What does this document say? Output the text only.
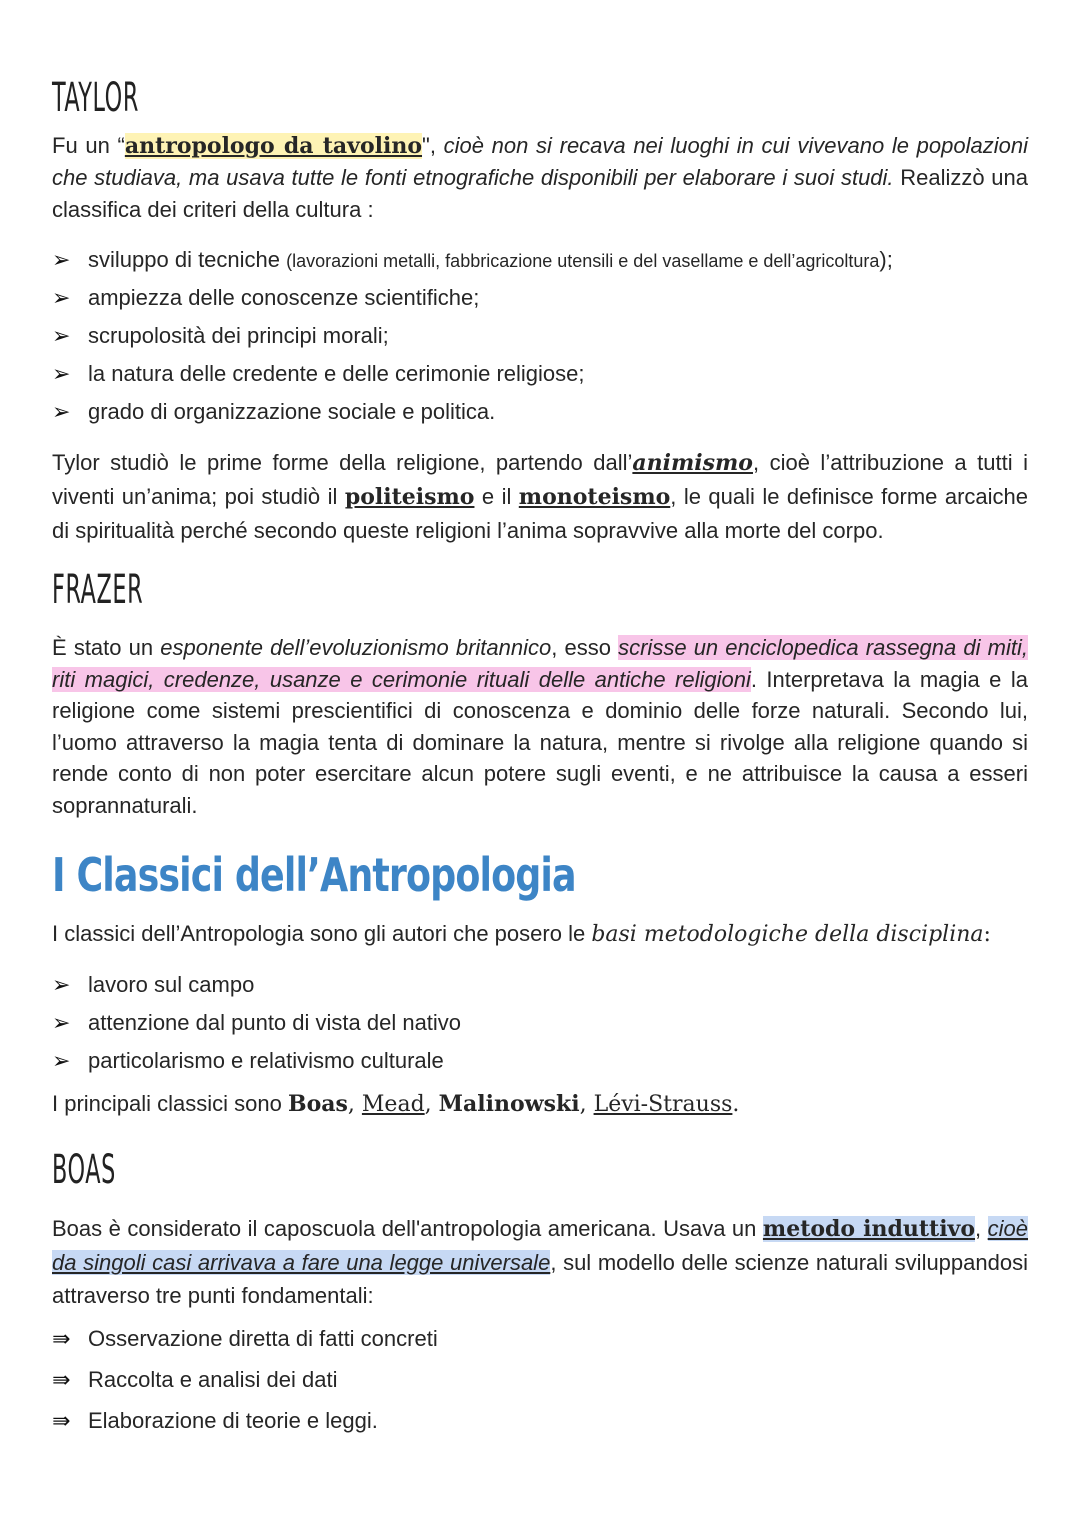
TAYLOR

Fu un “antropologo da tavolino", cioè non si recava nei luoghi in cui vivevano le popolazioni che studiava, ma usava tutte le fonti etnografiche disponibili per elaborare i suoi studi. Realizzò una classifica dei criteri della cultura :

➢ sviluppo di tecniche (lavorazioni metalli, fabbricazione utensili e del vasellame e dell’agricoltura);
➢ ampiezza delle conoscenze scientifiche;
➢ scrupolosità dei principi morali;
➢ la natura delle credente e delle cerimonie religiose;
➢ grado di organizzazione sociale e politica.

Tylor studiò le prime forme della religione, partendo dall’animismo, cioè l’attribuzione a tutti i viventi un’anima; poi studiò il politeismo e il monoteismo, le quali le definisce forme arcaiche di spiritualità perché secondo queste religioni l’anima sopravvive alla morte del corpo.

FRAZER

È stato un esponente dell’evoluzionismo britannico, esso scrisse un enciclopedica rassegna di miti, riti magici, credenze, usanze e cerimonie rituali delle antiche religioni. Interpretava la magia e la religione come sistemi prescientifici di conoscenza e dominio delle forze naturali. Secondo lui, l’uomo attraverso la magia tenta di dominare la natura, mentre si rivolge alla religione quando si rende conto di non poter esercitare alcun potere sugli eventi, e ne attribuisce la causa a esseri soprannaturali.

I Classici dell’Antropologia

I classici dell’Antropologia sono gli autori che posero le basi metodologiche della disciplina:

➢ lavoro sul campo
➢ attenzione dal punto di vista del nativo
➢ particolarismo e relativismo culturale

I principali classici sono Boas, Mead, Malinowski, Lévi-Strauss.

BOAS

Boas è considerato il caposcuola dell'antropologia americana. Usava un metodo induttivo, cioè da singoli casi arrivava a fare una legge universale, sul modello delle scienze naturali sviluppandosi attraverso tre punti fondamentali:

⇛ Osservazione diretta di fatti concreti
⇛ Raccolta e analisi dei dati
⇛ Elaborazione di teorie e leggi.
